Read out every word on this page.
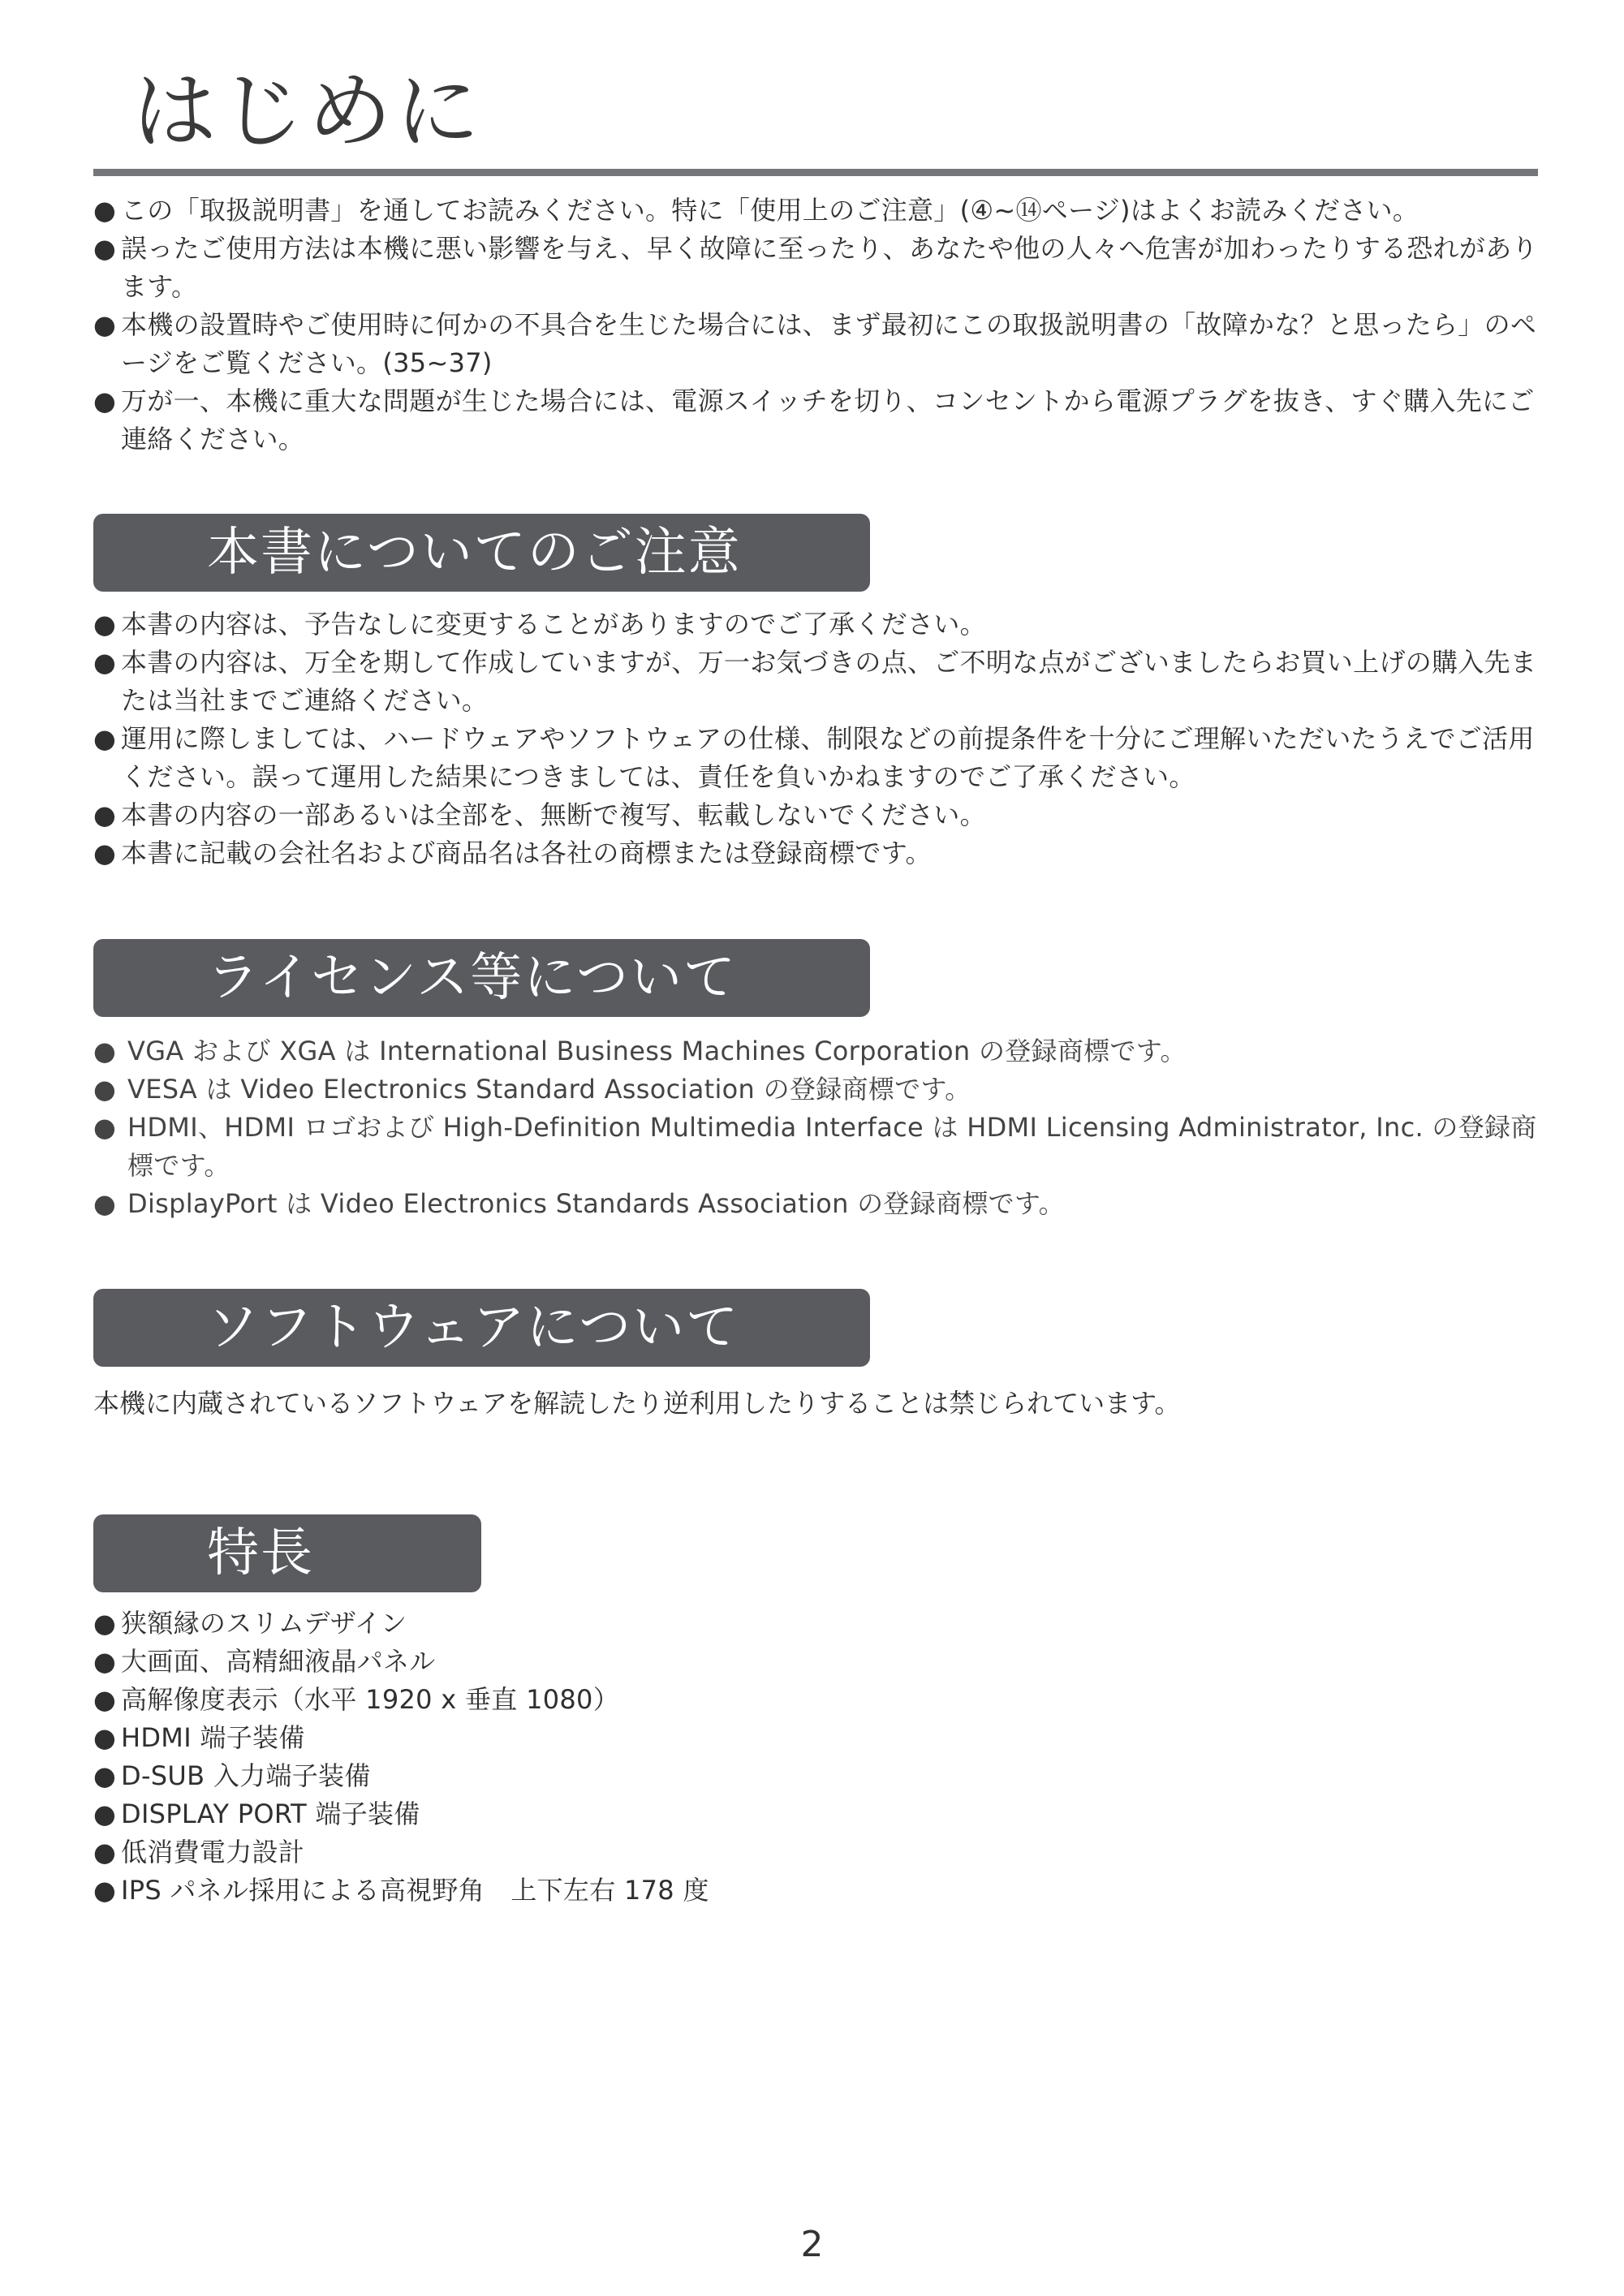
はじめに
● この「取扱説明書」を通してお読みください。特に「使用上のご注意」(④~⑭ページ)はよくお読みください。
● 誤ったご使用方法は本機に悪い影響を与え、早く故障に至ったり、あなたや他の人々へ危害が加わったりする恐れがあります。
● 本機の設置時やご使用時に何かの不具合を生じた場合には、まず最初にこの取扱説明書の「故障かな？と思ったら」のページをご覧ください。(35~37)
● 万が一、本機に重大な問題が生じた場合には、電源スイッチを切り、コンセントから電源プラグを抜き、すぐ購入先にご連絡ください。
本書についてのご注意
● 本書の内容は、予告なしに変更することがありますのでご了承ください。
● 本書の内容は、万全を期して作成していますが、万一お気づきの点、ご不明な点がございましたらお買い上げの購入先または当社までご連絡ください。
● 運用に際しましては、ハードウェアやソフトウェアの仕様、制限などの前提条件を十分にご理解いただいたうえでご活用ください。誤って運用した結果につきましては、責任を負いかねますのでご了承ください。
● 本書の内容の一部あるいは全部を、無断で複写、転載しないでください。
● 本書に記載の会社名および商品名は各社の商標または登録商標です。
ライセンス等について
● VGA および XGA は International Business Machines Corporation の登録商標です。
● VESA は Video Electronics Standard Association の登録商標です。
● HDMI、HDMI ロゴおよび High-Definition Multimedia Interface は HDMI Licensing Administrator, Inc. の登録商標です。
● DisplayPort は Video Electronics Standards Association の登録商標です。
ソフトウェアについて
本機に内蔵されているソフトウェアを解読したり逆利用したりすることは禁じられています。
特長
● 狭額縁のスリムデザイン
● 大画面、高精細液晶パネル
● 高解像度表示（水平 1920 x 垂直 1080）
● HDMI 端子装備
● D-SUB 入力端子装備
● DISPLAY PORT 端子装備
● 低消費電力設計
● IPS パネル採用による高視野角　上下左右 178 度
2
